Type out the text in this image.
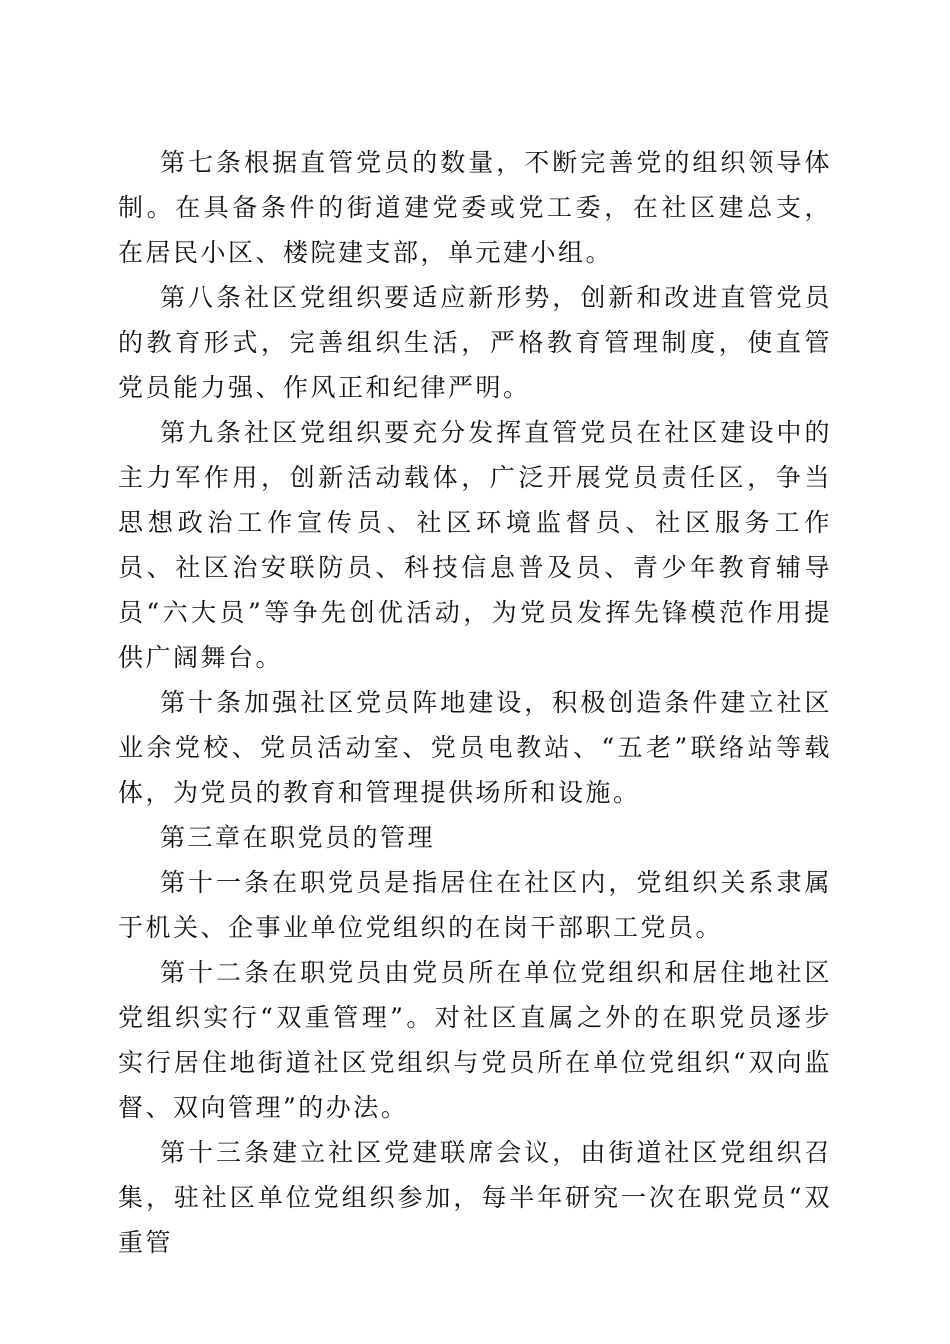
第七条根据直管党员的数量，不断完善党的组织领导体制。在具备条件的街道建党委或党工委，在社区建总支，在居民小区、楼院建支部，单元建小组。

第八条社区党组织要适应新形势，创新和改进直管党员的教育形式，完善组织生活，严格教育管理制度，使直管党员能力强、作风正和纪律严明。

第九条社区党组织要充分发挥直管党员在社区建设中的主力军作用，创新活动载体，广泛开展党员责任区，争当思想政治工作宣传员、社区环境监督员、社区服务工作员、社区治安联防员、科技信息普及员、青少年教育辅导员“六大员”等争先创优活动，为党员发挥先锋模范作用提供广阔舞台。

第十条加强社区党员阵地建设，积极创造条件建立社区业余党校、党员活动室、党员电教站、“五老”联络站等载体，为党员的教育和管理提供场所和设施。

第三章在职党员的管理

第十一条在职党员是指居住在社区内，党组织关系隶属于机关、企事业单位党组织的在岗干部职工党员。

第十二条在职党员由党员所在单位党组织和居住地社区党组织实行“双重管理”。对社区直属之外的在职党员逐步实行居住地街道社区党组织与党员所在单位党组织“双向监督、双向管理”的办法。

第十三条建立社区党建联席会议，由街道社区党组织召集，驻社区单位党组织参加，每半年研究一次在职党员“双重管
